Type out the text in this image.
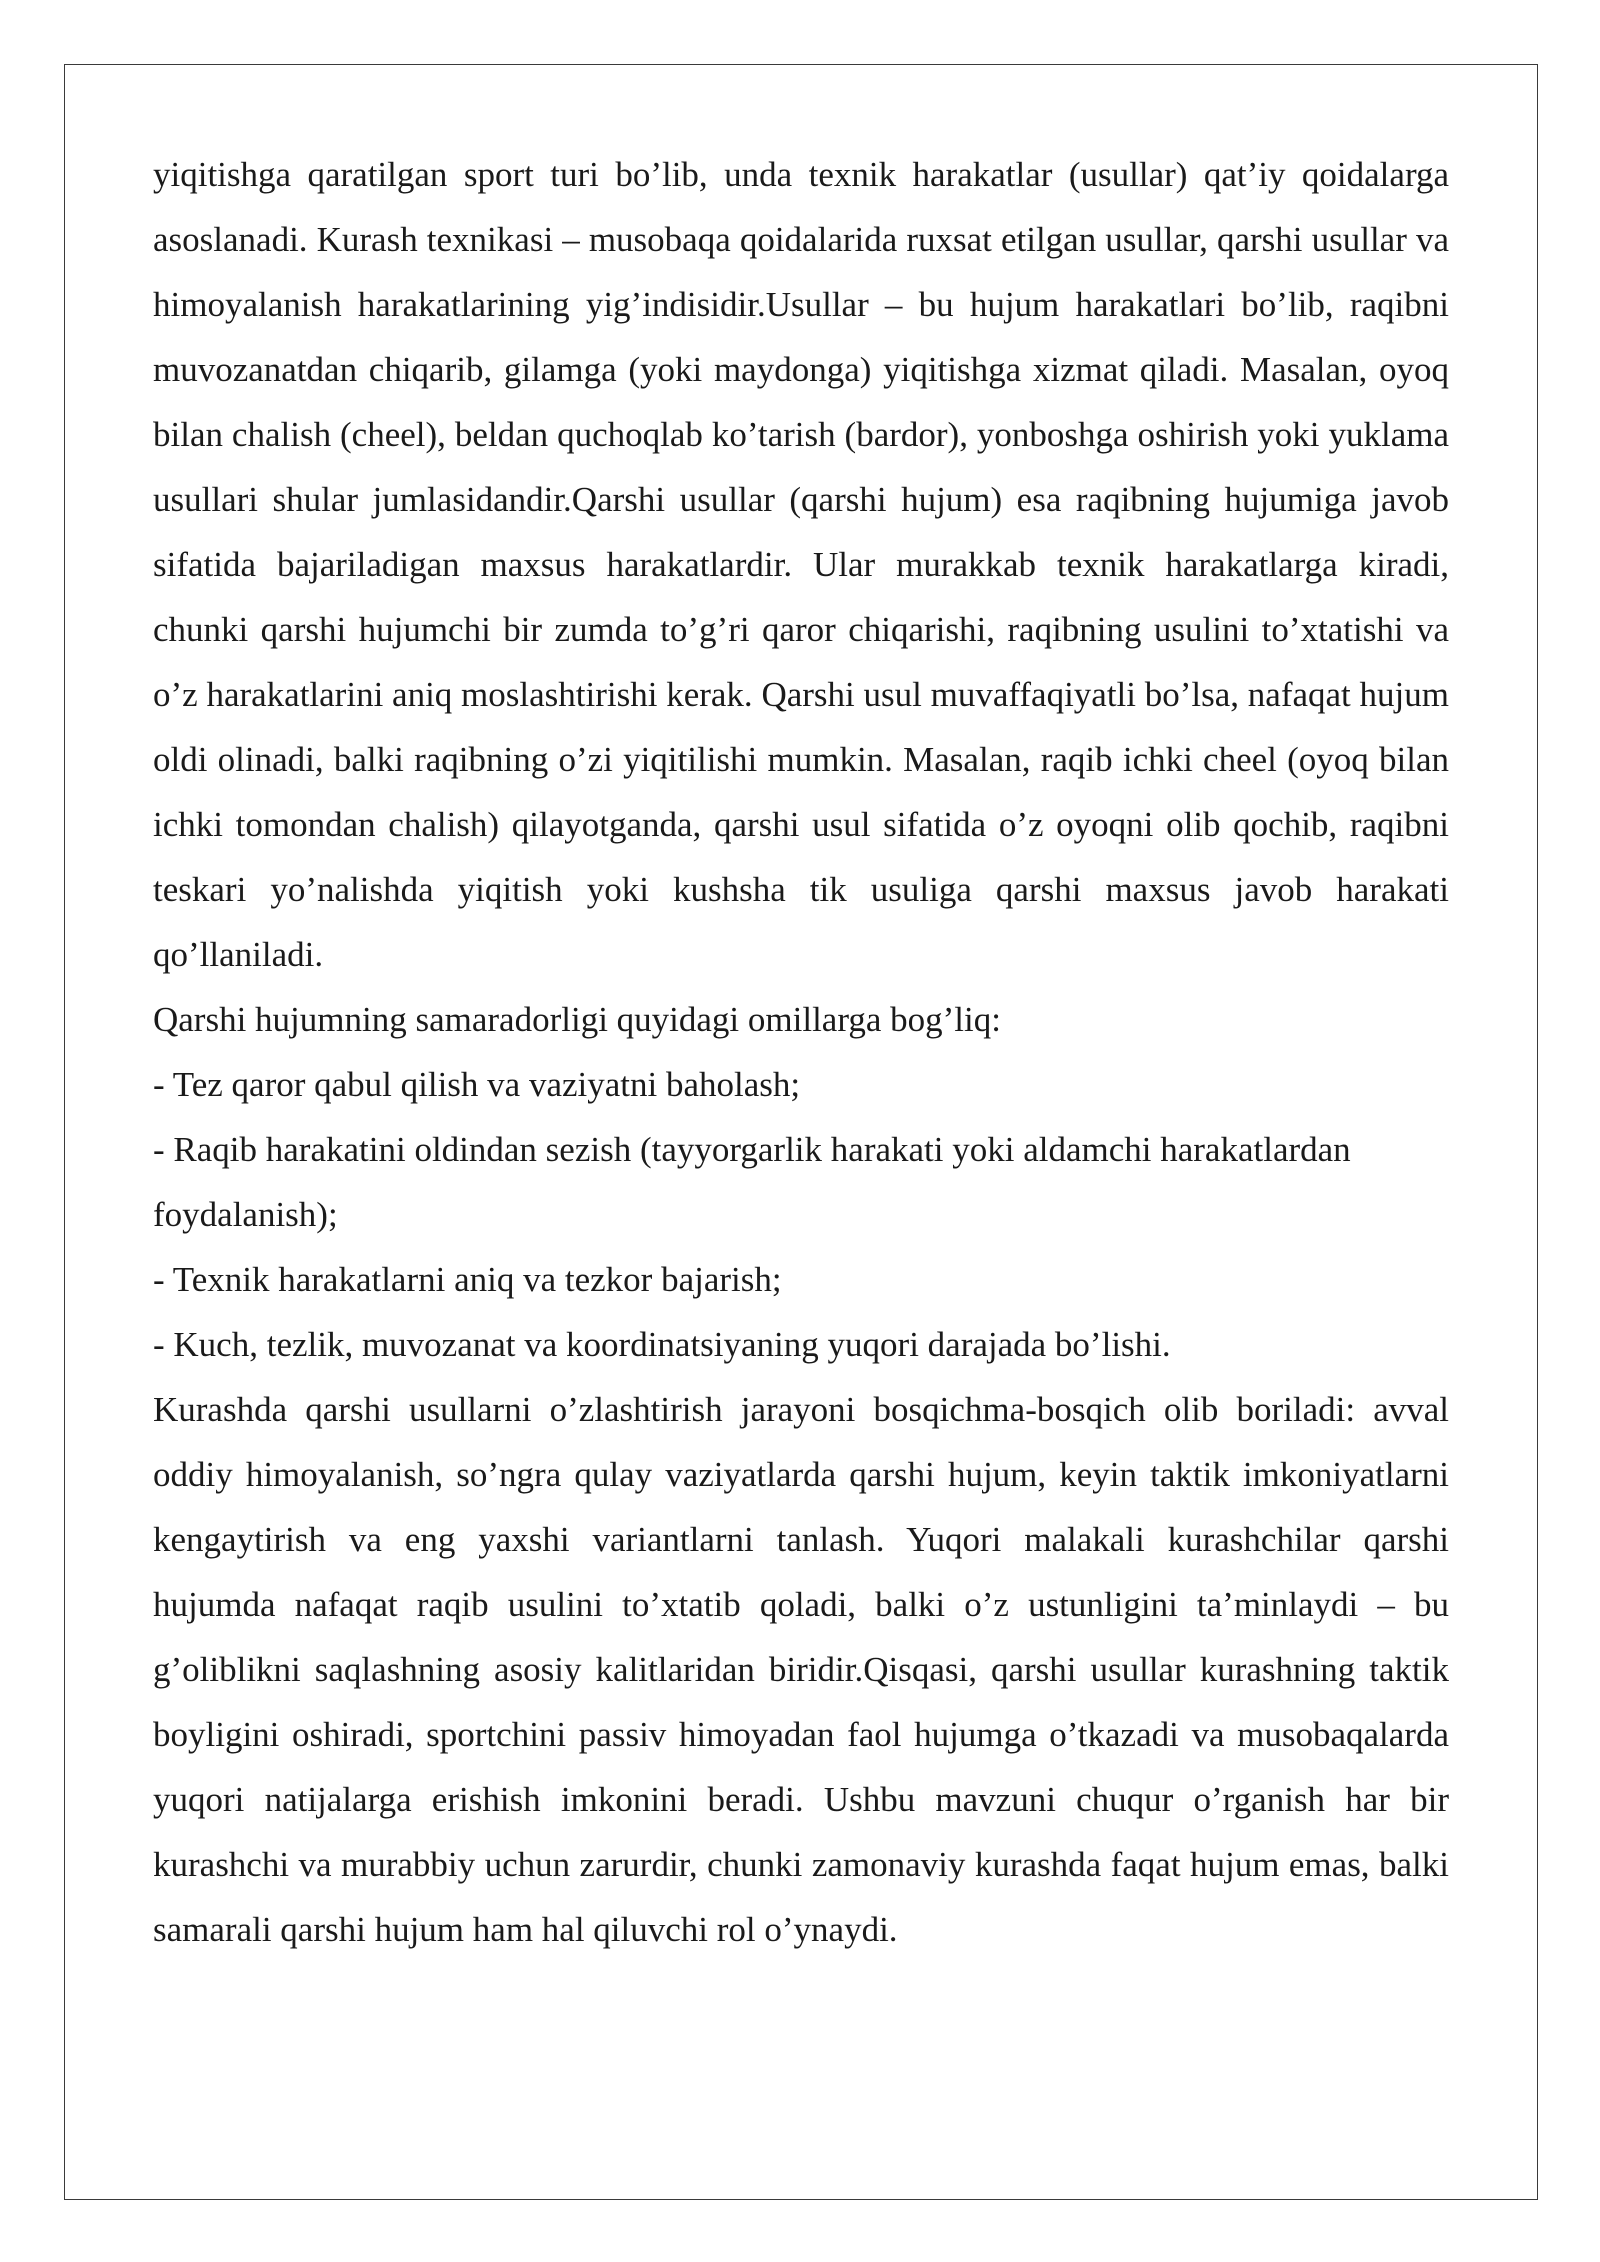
yiqitishga qaratilgan sport turi bo’lib, unda texnik harakatlar (usullar) qat’iy qoidalarga asoslanadi. Kurash texnikasi – musobaqa qoidalarida ruxsat etilgan usullar, qarshi usullar va himoyalanish harakatlarining yig’indisidir.Usullar – bu hujum harakatlari bo’lib, raqibni muvozanatdan chiqarib, gilamga (yoki maydonga) yiqitishga xizmat qiladi. Masalan, oyoq bilan chalish (cheel), beldan quchoqlab ko’tarish (bardor), yonboshga oshirish yoki yuklama usullari shular jumlasidandir.Qarshi usullar (qarshi hujum) esa raqibning hujumiga javob sifatida bajariladigan maxsus harakatlardir. Ular murakkab texnik harakatlarga kiradi, chunki qarshi hujumchi bir zumda to’g’ri qaror chiqarishi, raqibning usulini to’xtatishi va o’z harakatlarini aniq moslashtirishi kerak. Qarshi usul muvaffaqiyatli bo’lsa, nafaqat hujum oldi olinadi, balki raqibning o’zi yiqitilishi mumkin. Masalan, raqib ichki cheel (oyoq bilan ichki tomondan chalish) qilayotganda, qarshi usul sifatida o’z oyoqni olib qochib, raqibni teskari yo’nalishda yiqitish yoki kushsha tik usuliga qarshi maxsus javob harakati qo’llaniladi.

Qarshi hujumning samaradorligi quyidagi omillarga bog’liq:

- Tez qaror qabul qilish va vaziyatni baholash;

- Raqib harakatini oldindan sezish (tayyorgarlik harakati yoki aldamchi harakatlardan foydalanish);

- Texnik harakatlarni aniq va tezkor bajarish;

- Kuch, tezlik, muvozanat va koordinatsiyaning yuqori darajada bo’lishi.

Kurashda qarshi usullarni o’zlashtirish jarayoni bosqichma-bosqich olib boriladi: avval oddiy himoyalanish, so’ngra qulay vaziyatlarda qarshi hujum, keyin taktik imkoniyatlarni kengaytirish va eng yaxshi variantlarni tanlash. Yuqori malakali kurashchilar qarshi hujumda nafaqat raqib usulini to’xtatib qoladi, balki o’z ustunligini ta’minlaydi – bu g’oliblikni saqlashning asosiy kalitlaridan biridir.Qisqasi, qarshi usullar kurashning taktik boyligini oshiradi, sportchini passiv himoyadan faol hujumga o’tkazadi va musobaqalarda yuqori natijalarga erishish imkonini beradi. Ushbu mavzuni chuqur o’rganish har bir kurashchi va murabbiy uchun zarurdir, chunki zamonaviy kurashda faqat hujum emas, balki samarali qarshi hujum ham hal qiluvchi rol o’ynaydi.
